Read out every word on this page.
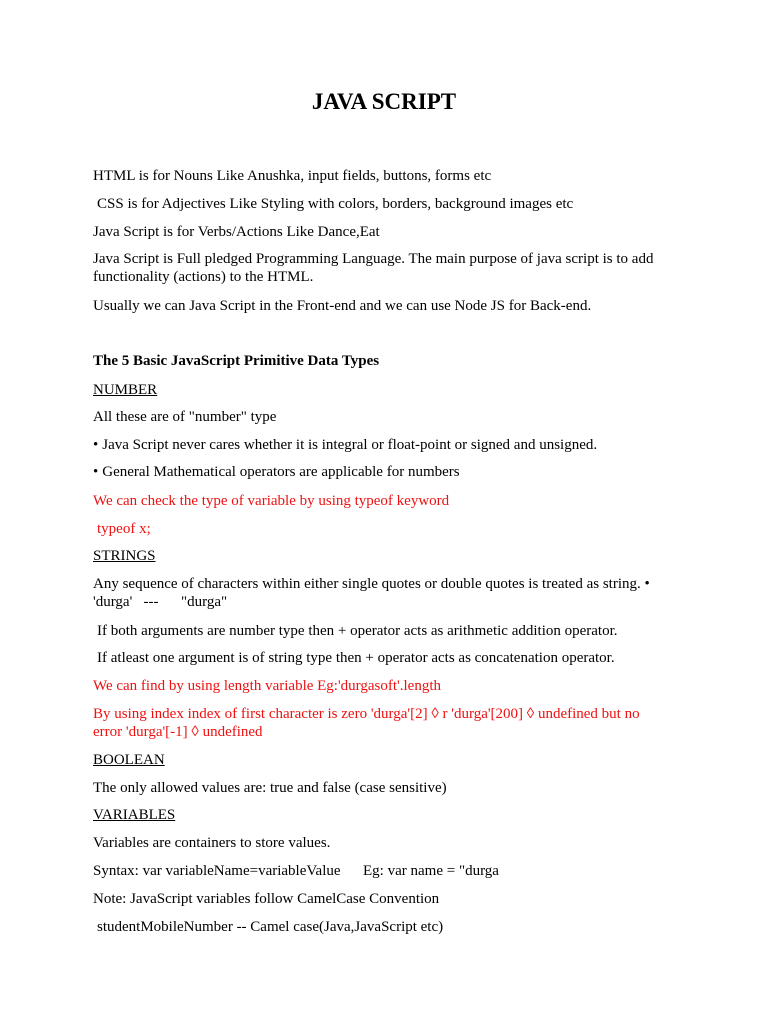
JAVA SCRIPT

HTML is for Nouns Like Anushka, input fields, buttons, forms etc

CSS is for Adjectives Like Styling with colors, borders, background images etc

Java Script is for Verbs/Actions Like Dance,Eat

Java Script is Full pledged Programming Language. The main purpose of java script is to add functionality (actions) to the HTML.

Usually we can Java Script in the Front-end and we can use Node JS for Back-end.

The 5 Basic JavaScript Primitive Data Types

NUMBER

All these are of "number" type

• Java Script never cares whether it is integral or float-point or signed and unsigned.

• General Mathematical operators are applicable for numbers

We can check the type of variable by using typeof keyword

typeof x;

STRINGS

Any sequence of characters within either single quotes or double quotes is treated as string. •

'durga'   ---      "durga"

If both arguments are number type then + operator acts as arithmetic addition operator.

If atleast one argument is of string type then + operator acts as concatenation operator.

We can find by using length variable Eg:'durgasoft'.length

By using index index of first character is zero 'durga'[2] ◊ r 'durga'[200] ◊ undefined but no

error 'durga'[-1] ◊ undefined

BOOLEAN

The only allowed values are: true and false (case sensitive)

VARIABLES

Variables are containers to store values.

Syntax: var variableName=variableValue      Eg: var name = "durga

Note: JavaScript variables follow CamelCase Convention

studentMobileNumber -- Camel case(Java,JavaScript etc)
